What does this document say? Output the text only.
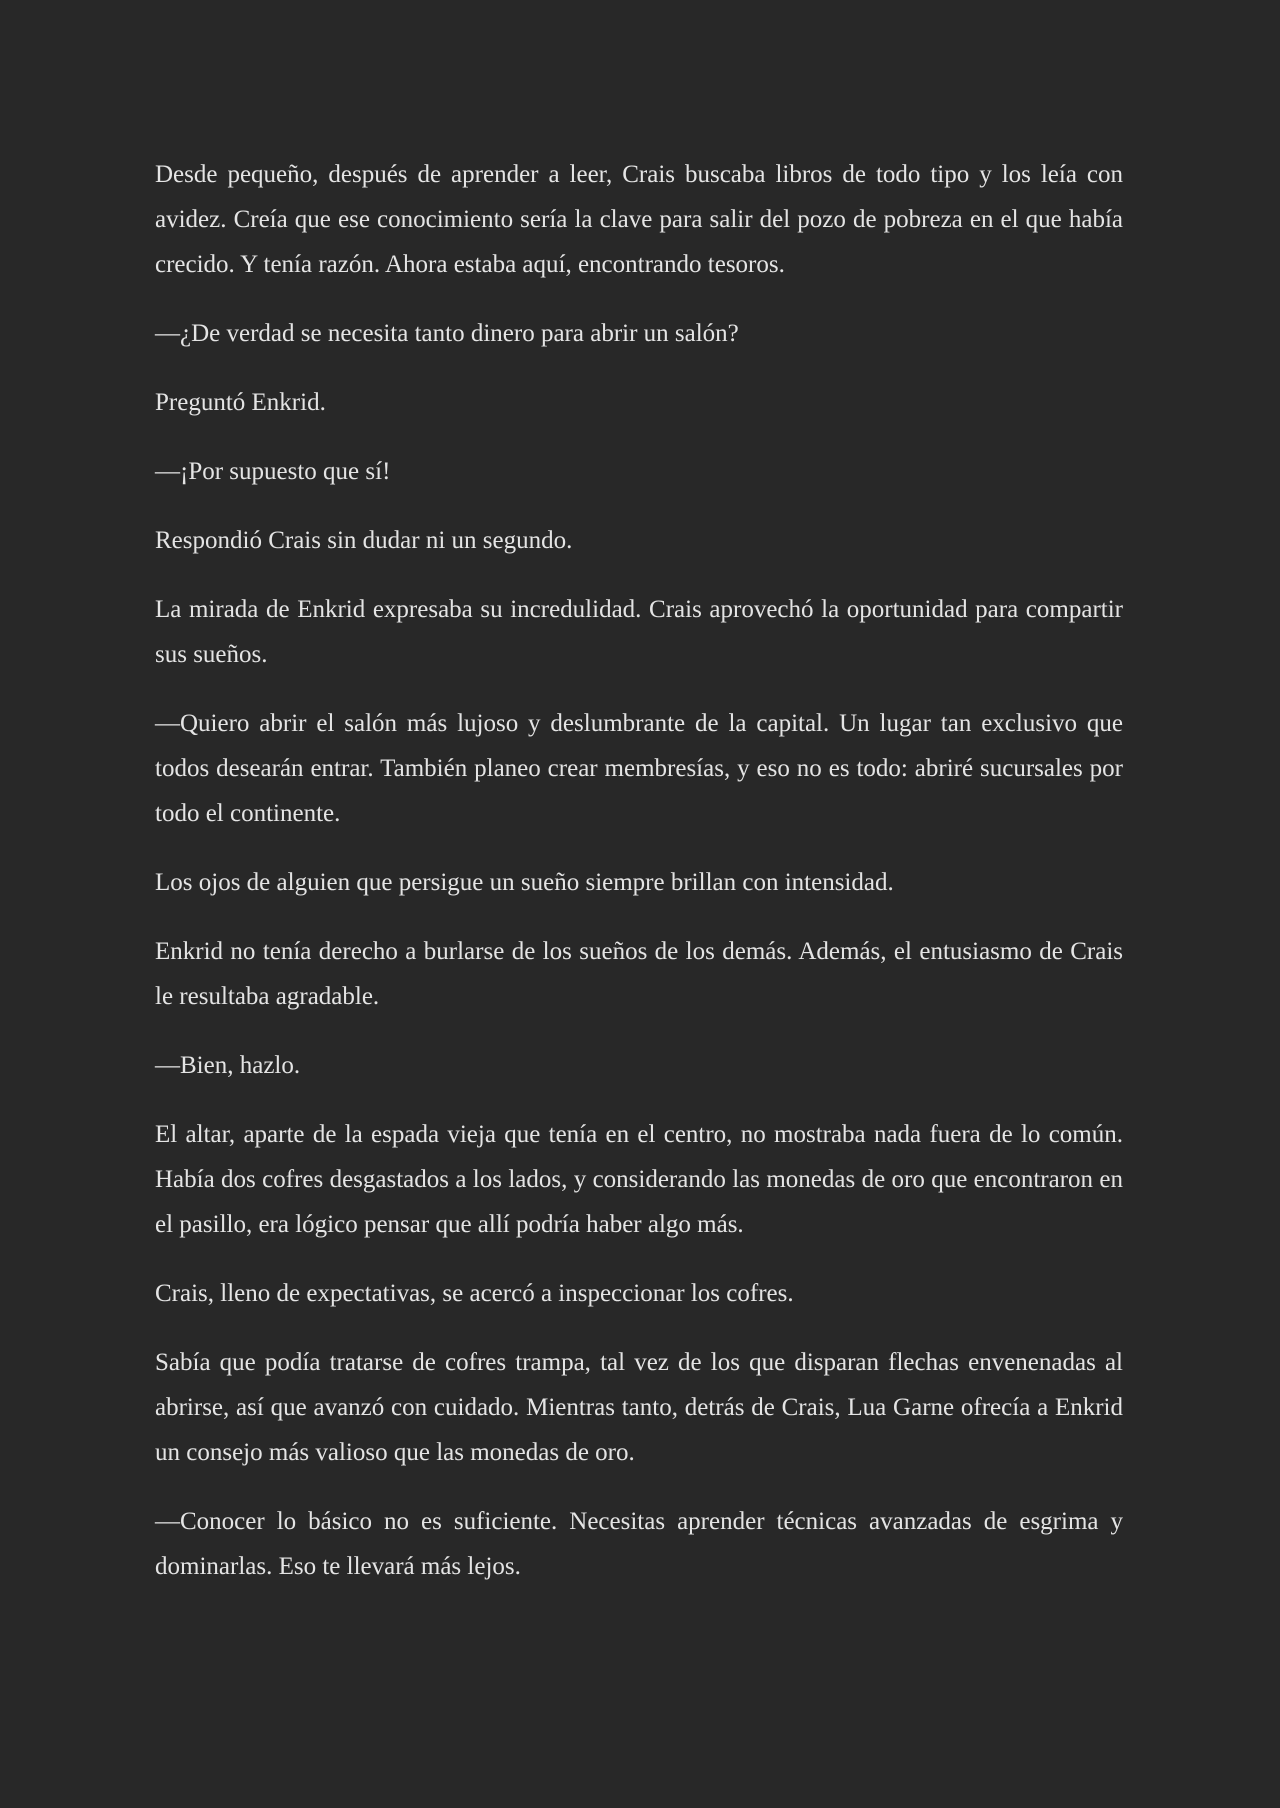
Desde pequeño, después de aprender a leer, Crais buscaba libros de todo tipo y los leía con avidez. Creía que ese conocimiento sería la clave para salir del pozo de pobreza en el que había crecido. Y tenía razón. Ahora estaba aquí, encontrando tesoros.

—¿De verdad se necesita tanto dinero para abrir un salón?

Preguntó Enkrid.

—¡Por supuesto que sí!

Respondió Crais sin dudar ni un segundo.

La mirada de Enkrid expresaba su incredulidad. Crais aprovechó la oportunidad para compartir sus sueños.

—Quiero abrir el salón más lujoso y deslumbrante de la capital. Un lugar tan exclusivo que todos desearán entrar. También planeo crear membresías, y eso no es todo: abriré sucursales por todo el continente.

Los ojos de alguien que persigue un sueño siempre brillan con intensidad.

Enkrid no tenía derecho a burlarse de los sueños de los demás. Además, el entusiasmo de Crais le resultaba agradable.

—Bien, hazlo.

El altar, aparte de la espada vieja que tenía en el centro, no mostraba nada fuera de lo común. Había dos cofres desgastados a los lados, y considerando las monedas de oro que encontraron en el pasillo, era lógico pensar que allí podría haber algo más.

Crais, lleno de expectativas, se acercó a inspeccionar los cofres.

Sabía que podía tratarse de cofres trampa, tal vez de los que disparan flechas envenenadas al abrirse, así que avanzó con cuidado. Mientras tanto, detrás de Crais, Lua Garne ofrecía a Enkrid un consejo más valioso que las monedas de oro.

—Conocer lo básico no es suficiente. Necesitas aprender técnicas avanzadas de esgrima y dominarlas. Eso te llevará más lejos.
